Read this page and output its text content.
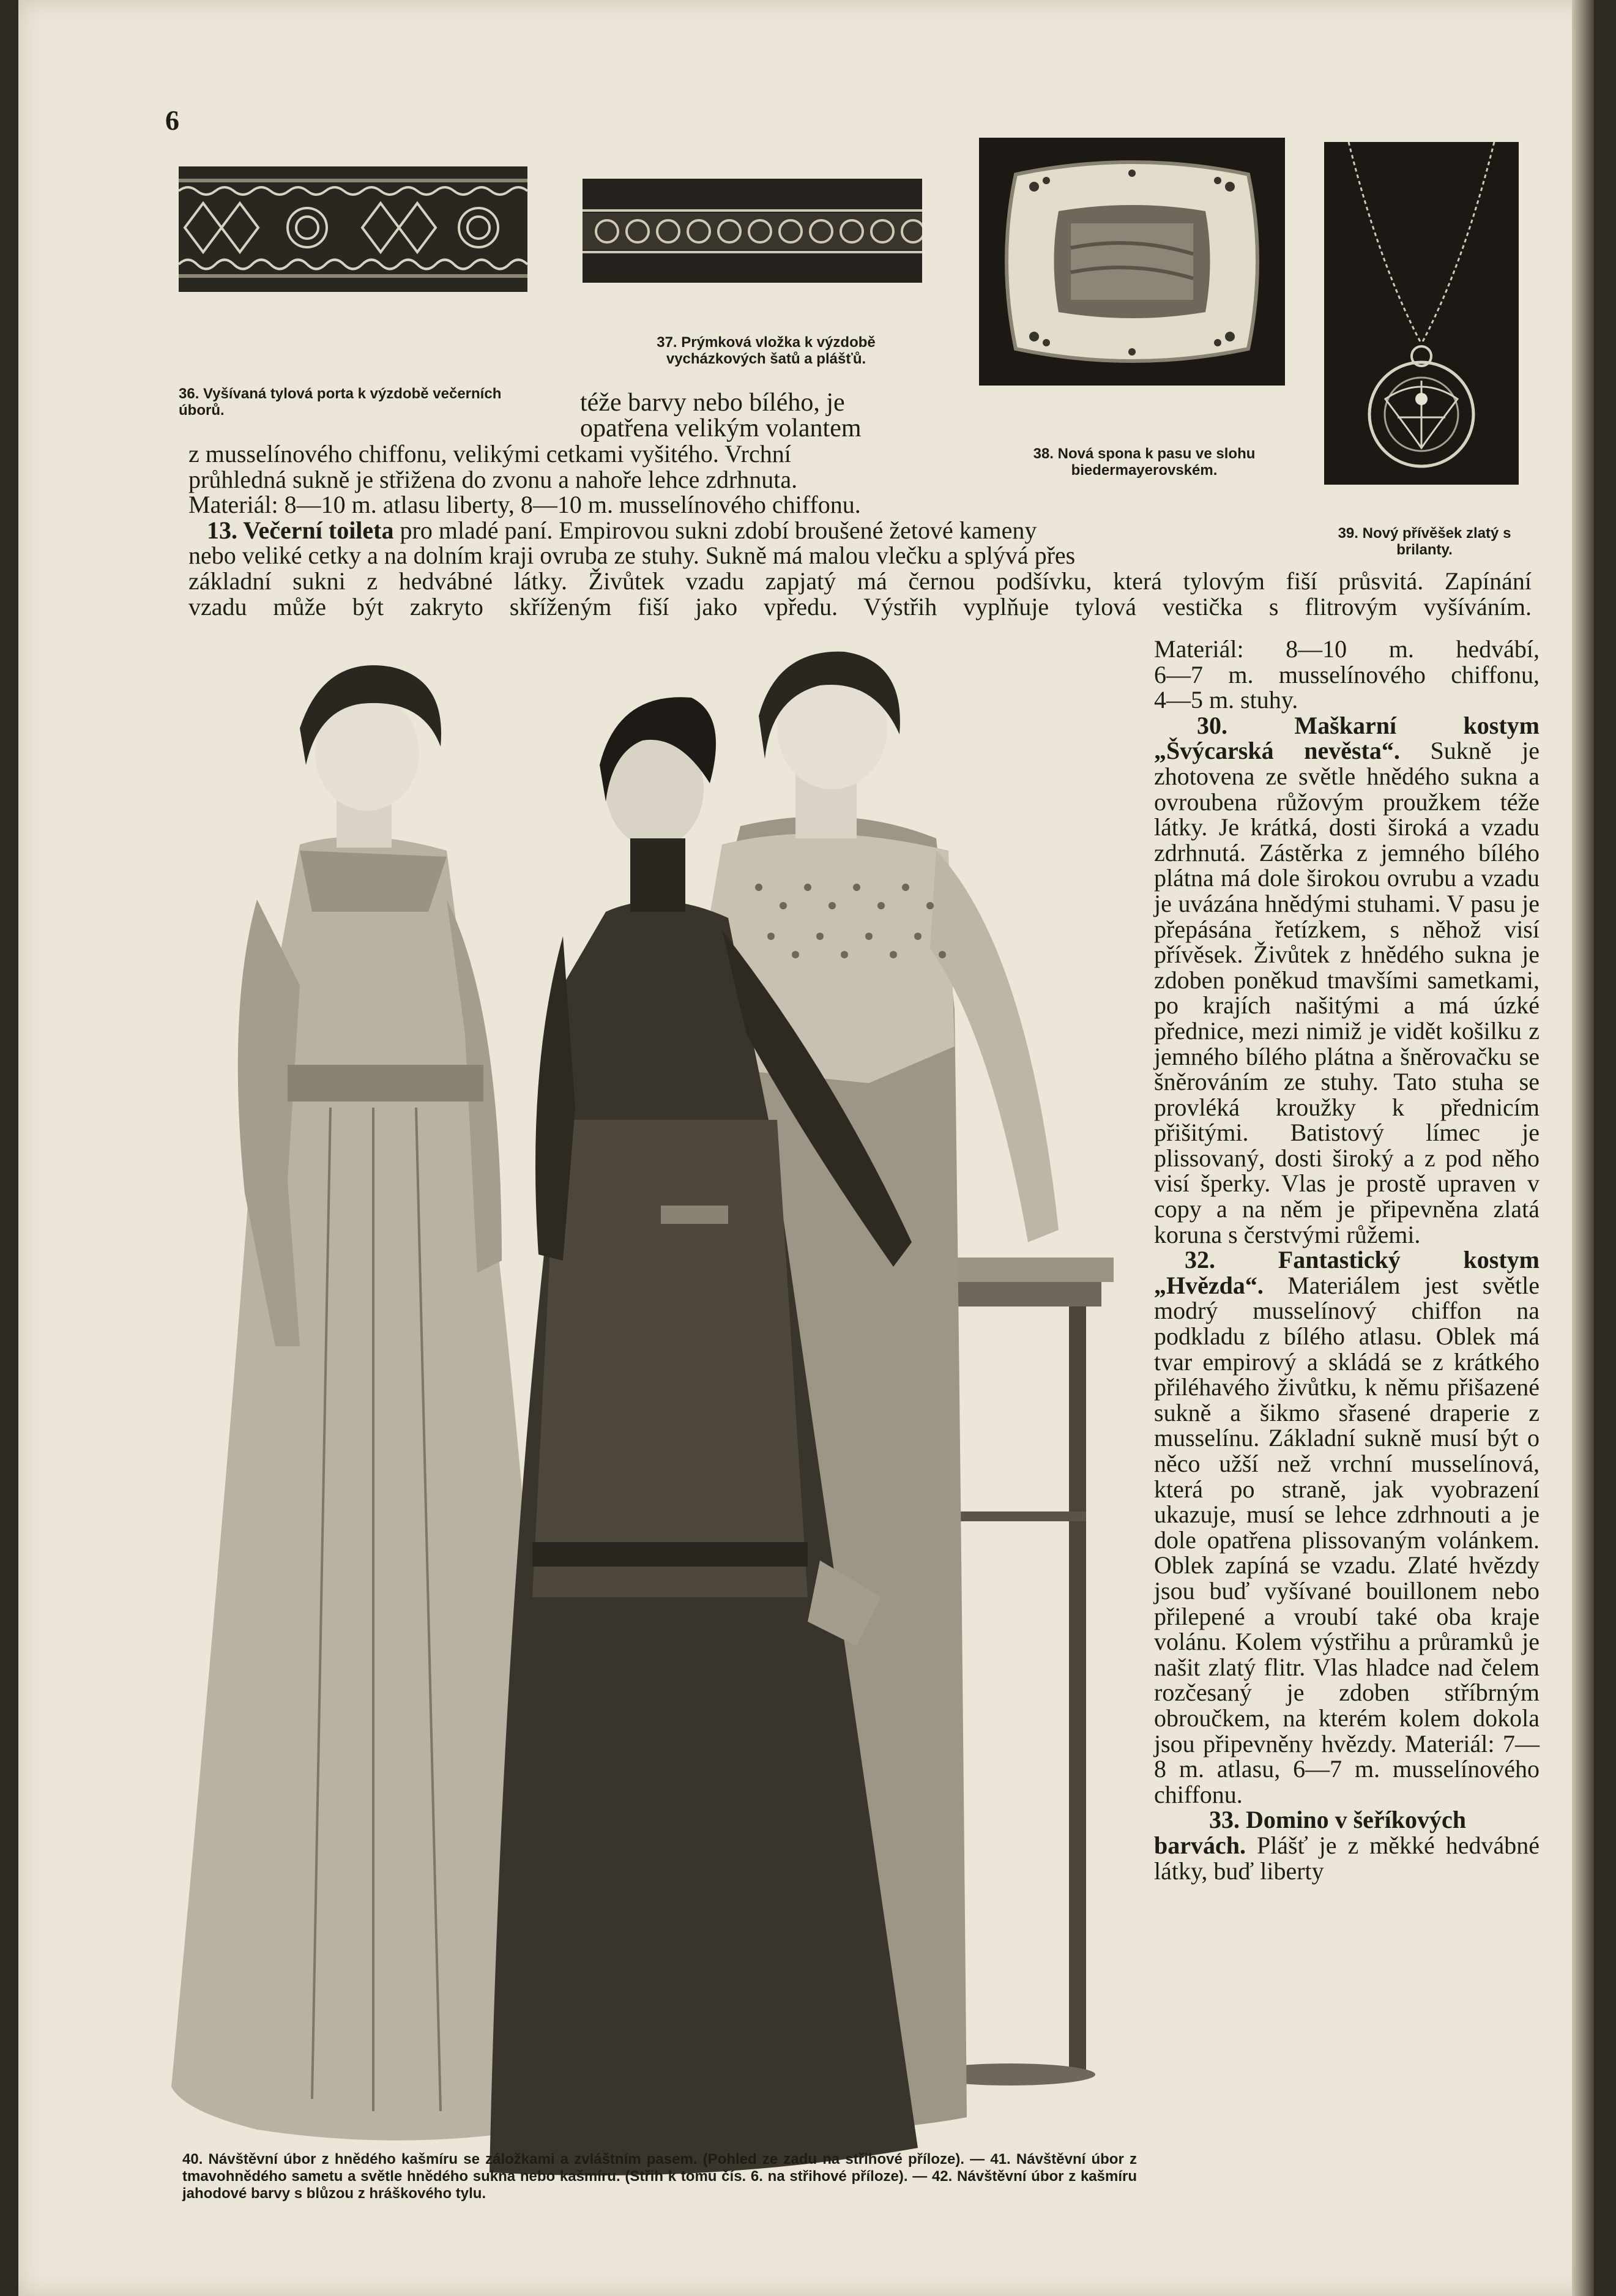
6
36. Vyšívaná tylová porta k výzdobě večerních úborů.
37. Prýmková vložka k výzdobě vycházkových šatů a plášťů.
38. Nová spona k pasu ve slohu biedermayerovském.
39. Nový přívěšek zlatý s brilanty.
téže barvy nebo bílého, je
opatřena velikým volantem
z musselínového chiffonu, velikými cetkami vyšitého. Vrchní
průhledná sukně je střižena do zvonu a nahoře lehce zdrhnuta.
Materiál: 8—10 m. atlasu liberty, 8—10 m. musselínového chiffonu.
13. Večerní toileta pro mladé paní. Empirovou sukni zdobí broušené žetové kameny
nebo veliké cetky a na dolním kraji ovruba ze stuhy. Sukně má malou vlečku a splývá přes
základní sukni z hedvábné látky. Živůtek vzadu zapjatý má černou podšívku, která tylovým fiší průsvitá. Zapínání
vzadu může být zakryto skříženým fiší jako vpředu. Výstřih vyplňuje tylová vestička s flitrovým vyšíváním.

Materiál: 8—10 m. hedvábí,

6—7 m. musselínového chiffonu,

4—5 m. stuhy.

30. Maškarní kostym

„Švýcarská nevěsta“. Sukně je zhotovena ze světle hnědého sukna a ovroubena růžovým proužkem téže látky. Je krátká, dosti široká a vzadu zdrhnutá. Zástěrka z jemného bílého plátna má dole širokou ovrubu a vzadu je uvázána hnědými stuhami. V pasu je přepásána řetízkem, s něhož visí přívěsek. Živůtek z hnědého sukna je zdoben poněkud tmavšími sametkami, po krajích našitými a má úzké přednice, mezi nimiž je vidět košilku z jemného bílého plátna a šněrovačku se šněrováním ze stuhy. Tato stuha se provléká kroužky k přednicím přišitými. Batistový límec je plissovaný, dosti široký a z pod něho visí šperky. Vlas je prostě upraven v copy a na něm je připevněna zlatá koruna s čerstvými růžemi.

32. Fantastický kostym

„Hvězda“. Materiálem jest světle modrý musselínový chiffon na podkladu z bílého atlasu. Oblek má tvar empirový a skládá se z krátkého přiléhavého živůtku, k němu přišazené sukně a šikmo sřasené draperie z musselínu. Základní sukně musí být o něco užší než vrchní musselínová, která po straně, jak vyobrazení ukazuje, musí se lehce zdrhnouti a je dole opatřena plissovaným volánkem. Oblek zapíná se vzadu. Zlaté hvězdy jsou buď vyšívané bouillonem nebo přilepené a vroubí také oba kraje volánu. Kolem výstřihu a průramků je našit zlatý flitr. Vlas hladce nad čelem rozčesaný je zdoben stříbrným obroučkem, na kterém kolem dokola jsou připevněny hvězdy. Materiál: 7—8 m. atlasu, 6—7 m. musselínového chiffonu.

33. Domino v šeříkových

barvách. Plášť je z měkké hedvábné látky, buď liberty

40. Návštěvní úbor z hnědého kašmíru se záložkami a zvláštním pasem. (Pohled ze zadu na střihové příloze). — 41. Návštěvní úbor z tmavohnědého sametu a světle hnědého sukna nebo kašmíru. (Střih k tomu čís. 6. na střihové příloze). — 42. Návštěvní úbor z kašmíru jahodové barvy s blůzou z hráškového tylu.
